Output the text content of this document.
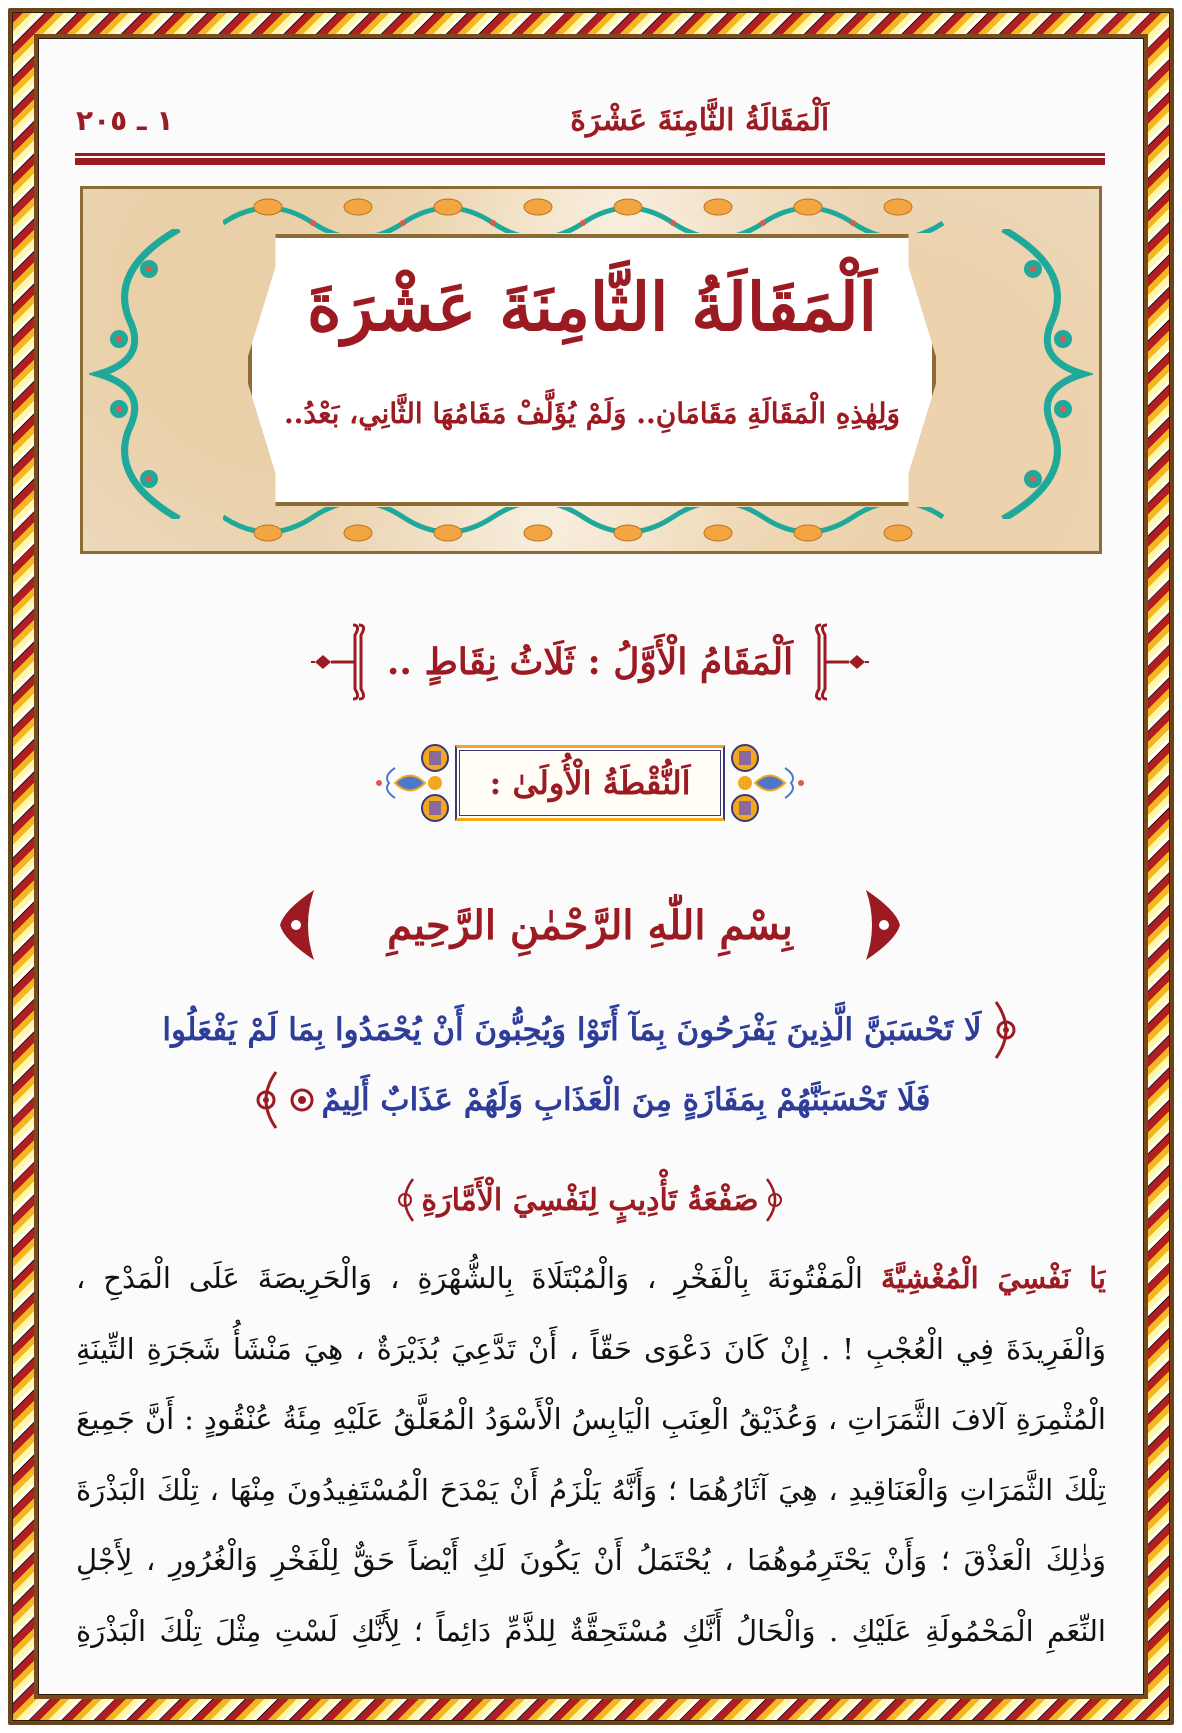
اَلْمَقَالَةُ الثَّامِنَةَ عَشْرَةَ
١ ـ ٢٠٥
اَلْمَقَالَةُ الثَّامِنَةَ عَشْرَةَ
وَلِهٰذِهِ الْمَقَالَةِ مَقَامَانِ.. وَلَمْ يُؤَلَّفْ مَقَامُهَا الثَّانِي، بَعْدُ..
اَلْمَقَامُ الْأَوَّلُ : ثَلَاثُ نِقَاطٍ ..
اَلنُّقْطَةُ الْأُولَىٰ :
بِسْمِ اللّٰهِ الرَّحْمٰنِ الرَّحِيمِ
لَا تَحْسَبَنَّ الَّذِينَ يَفْرَحُونَ بِمَآ أَتَوْا وَيُحِبُّونَ أَنْ يُحْمَدُوا بِمَا لَمْ يَفْعَلُوا
فَلَا تَحْسَبَنَّهُمْ بِمَفَازَةٍ مِنَ الْعَذَابِ وَلَهُمْ عَذَابٌ أَلِيمٌ
صَفْعَةُ تَأْدِيبٍ لِنَفْسِيَ الْأَمَّارَةِ
يَا نَفْسِيَ الْمُغْشِيَّةَ الْمَفْتُونَةَ بِالْفَخْرِ ، وَالْمُبْتَلَاةَ بِالشُّهْرَةِ ، وَالْحَرِيصَةَ عَلَى الْمَدْحِ ،
وَالْفَرِيدَةَ فِي الْعُجْبِ ! . إِنْ كَانَ دَعْوَى حَقّاً ، أَنْ تَدَّعِيَ بُذَيْرَةٌ ، هِيَ مَنْشَأُ شَجَرَةِ التِّينَةِ
الْمُثْمِرَةِ آلافَ الثَّمَرَاتِ ، وَعُذَيْقُ الْعِنَبِ الْيَابِسُ الْأَسْوَدُ الْمُعَلَّقُ عَلَيْهِ مِئَةُ عُنْقُودٍ : أَنَّ جَمِيعَ
تِلْكَ الثَّمَرَاتِ وَالْعَنَاقِيدِ ، هِيَ آثَارُهُمَا ؛ وَأَنَّهُ يَلْزَمُ أَنْ يَمْدَحَ الْمُسْتَفِيدُونَ مِنْهَا ، تِلْكَ الْبَذْرَةَ
وَذٰلِكَ الْعَذْقَ ؛ وَأَنْ يَحْتَرِمُوهُمَا ، يُحْتَمَلُ أَنْ يَكُونَ لَكِ أَيْضاً حَقٌّ لِلْفَخْرِ وَالْغُرُورِ ، لِأَجْلِ
النِّعَمِ الْمَحْمُولَةِ عَلَيْكِ . وَالْحَالُ أَنَّكِ مُسْتَحِقَّةٌ لِلذَّمِّ دَائِماً ؛ لِأَنَّكِ لَسْتِ مِثْلَ تِلْكَ الْبَذْرَةِ
